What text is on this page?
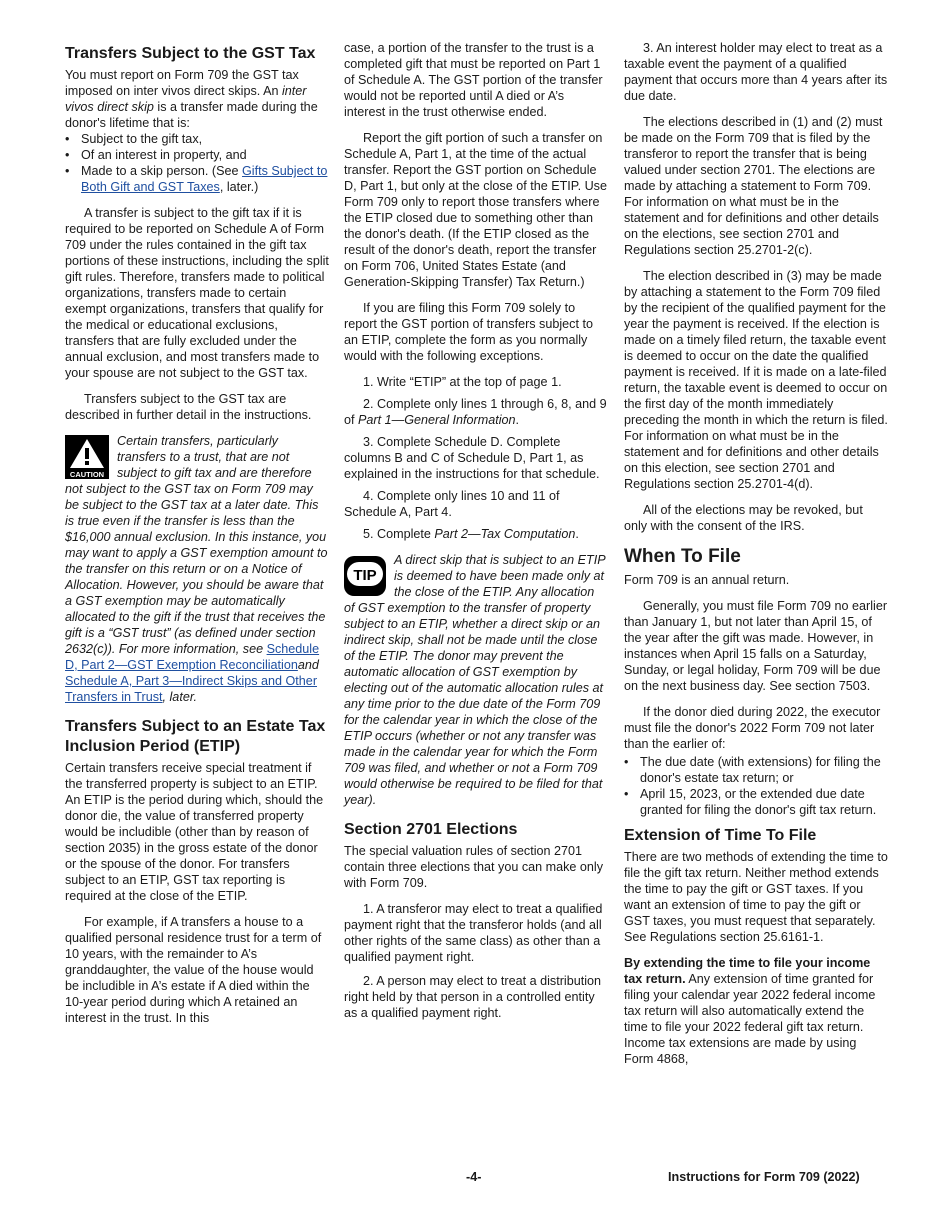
Transfers Subject to the GST Tax

You must report on Form 709 the GST tax imposed on inter vivos direct skips. An inter vivos direct skip is a transfer made during the donor's lifetime that is:

• Subject to the gift tax,
• Of an interest in property, and
• Made to a skip person. (See Gifts Subject to Both Gift and GST Taxes, later.)

A transfer is subject to the gift tax if it is required to be reported on Schedule A of Form 709 under the rules contained in the gift tax portions of these instructions, including the split gift rules. Therefore, transfers made to political organizations, transfers made to certain exempt organizations, transfers that qualify for the medical or educational exclusions, transfers that are fully excluded under the annual exclusion, and most transfers made to your spouse are not subject to the GST tax.

Transfers subject to the GST tax are described in further detail in the instructions.

CAUTION
Certain transfers, particularly transfers to a trust, that are not subject to gift tax and are therefore not subject to the GST tax on Form 709 may be subject to the GST tax at a later date. This is true even if the transfer is less than the $16,000 annual exclusion. In this instance, you may want to apply a GST exemption amount to the transfer on this return or on a Notice of Allocation. However, you should be aware that a GST exemption may be automatically allocated to the gift if the trust that receives the gift is a “GST trust” (as defined under section 2632(c)). For more information, see Schedule D, Part 2—GST Exemption Reconciliationand Schedule A, Part 3—Indirect Skips and Other Transfers in Trust, later.
Transfers Subject to an Estate Tax Inclusion Period (ETIP)

Certain transfers receive special treatment if the transferred property is subject to an ETIP. An ETIP is the period during which, should the donor die, the value of transferred property would be includible (other than by reason of section 2035) in the gross estate of the donor or the spouse of the donor. For transfers subject to an ETIP, GST tax reporting is required at the close of the ETIP.

For example, if A transfers a house to a qualified personal residence trust for a term of 10 years, with the remainder to A’s granddaughter, the value of the house would be includible in A’s estate if A died within the 10-year period during which A retained an interest in the trust. In this

case, a portion of the transfer to the trust is a completed gift that must be reported on Part 1 of Schedule A. The GST portion of the transfer would not be reported until A died or A’s interest in the trust otherwise ended.

Report the gift portion of such a transfer on Schedule A, Part 1, at the time of the actual transfer. Report the GST portion on Schedule D, Part 1, but only at the close of the ETIP. Use Form 709 only to report those transfers where the ETIP closed due to something other than the donor's death. (If the ETIP closed as the result of the donor's death, report the transfer on Form 706, United States Estate (and Generation-Skipping Transfer) Tax Return.)

If you are filing this Form 709 solely to report the GST portion of transfers subject to an ETIP, complete the form as you normally would with the following exceptions.

1. Write “ETIP” at the top of page 1.

2. Complete only lines 1 through 6, 8, and 9 of Part 1—General Information.

3. Complete Schedule D. Complete columns B and C of Schedule D, Part 1, as explained in the instructions for that schedule.

4. Complete only lines 10 and 11 of Schedule A, Part 4.

5. Complete Part 2—Tax Computation.

TIP
A direct skip that is subject to an ETIP is deemed to have been made only at the close of the ETIP. Any allocation of GST exemption to the transfer of property subject to an ETIP, whether a direct skip or an indirect skip, shall not be made until the close of the ETIP. The donor may prevent the automatic allocation of GST exemption by electing out of the automatic allocation rules at any time prior to the due date of the Form 709 for the calendar year in which the close of the ETIP occurs (whether or not any transfer was made in the calendar year for which the Form 709 was filed, and whether or not a Form 709 would otherwise be required to be filed for that year).
Section 2701 Elections

The special valuation rules of section 2701 contain three elections that you can make only with Form 709.

1. A transferor may elect to treat a qualified payment right that the transferor holds (and all other rights of the same class) as other than a qualified payment right.

2. A person may elect to treat a distribution right held by that person in a controlled entity as a qualified payment right.

3. An interest holder may elect to treat as a taxable event the payment of a qualified payment that occurs more than 4 years after its due date.

The elections described in (1) and (2) must be made on the Form 709 that is filed by the transferor to report the transfer that is being valued under section 2701. The elections are made by attaching a statement to Form 709. For information on what must be in the statement and for definitions and other details on the elections, see section 2701 and Regulations section 25.2701-2(c).

The election described in (3) may be made by attaching a statement to the Form 709 filed by the recipient of the qualified payment for the year the payment is received. If the election is made on a timely filed return, the taxable event is deemed to occur on the date the qualified payment is received. If it is made on a late-filed return, the taxable event is deemed to occur on the first day of the month immediately preceding the month in which the return is filed. For information on what must be in the statement and for definitions and other details on this election, see section 2701 and Regulations section 25.2701-4(d).

All of the elections may be revoked, but only with the consent of the IRS.

When To File

Form 709 is an annual return.

Generally, you must file Form 709 no earlier than January 1, but not later than April 15, of the year after the gift was made. However, in instances when April 15 falls on a Saturday, Sunday, or legal holiday, Form 709 will be due on the next business day. See section 7503.

If the donor died during 2022, the executor must file the donor's 2022 Form 709 not later than the earlier of:

• The due date (with extensions) for filing the donor's estate tax return; or
• April 15, 2023, or the extended due date granted for filing the donor's gift tax return.
Extension of Time To File

There are two methods of extending the time to file the gift tax return. Neither method extends the time to pay the gift or GST taxes. If you want an extension of time to pay the gift or GST taxes, you must request that separately. See Regulations section 25.6161-1.

By extending the time to file your income tax return. Any extension of time granted for filing your calendar year 2022 federal income tax return will also automatically extend the time to file your 2022 federal gift tax return. Income tax extensions are made by using Form 4868,

-4-	Instructions for Form 709 (2022)
